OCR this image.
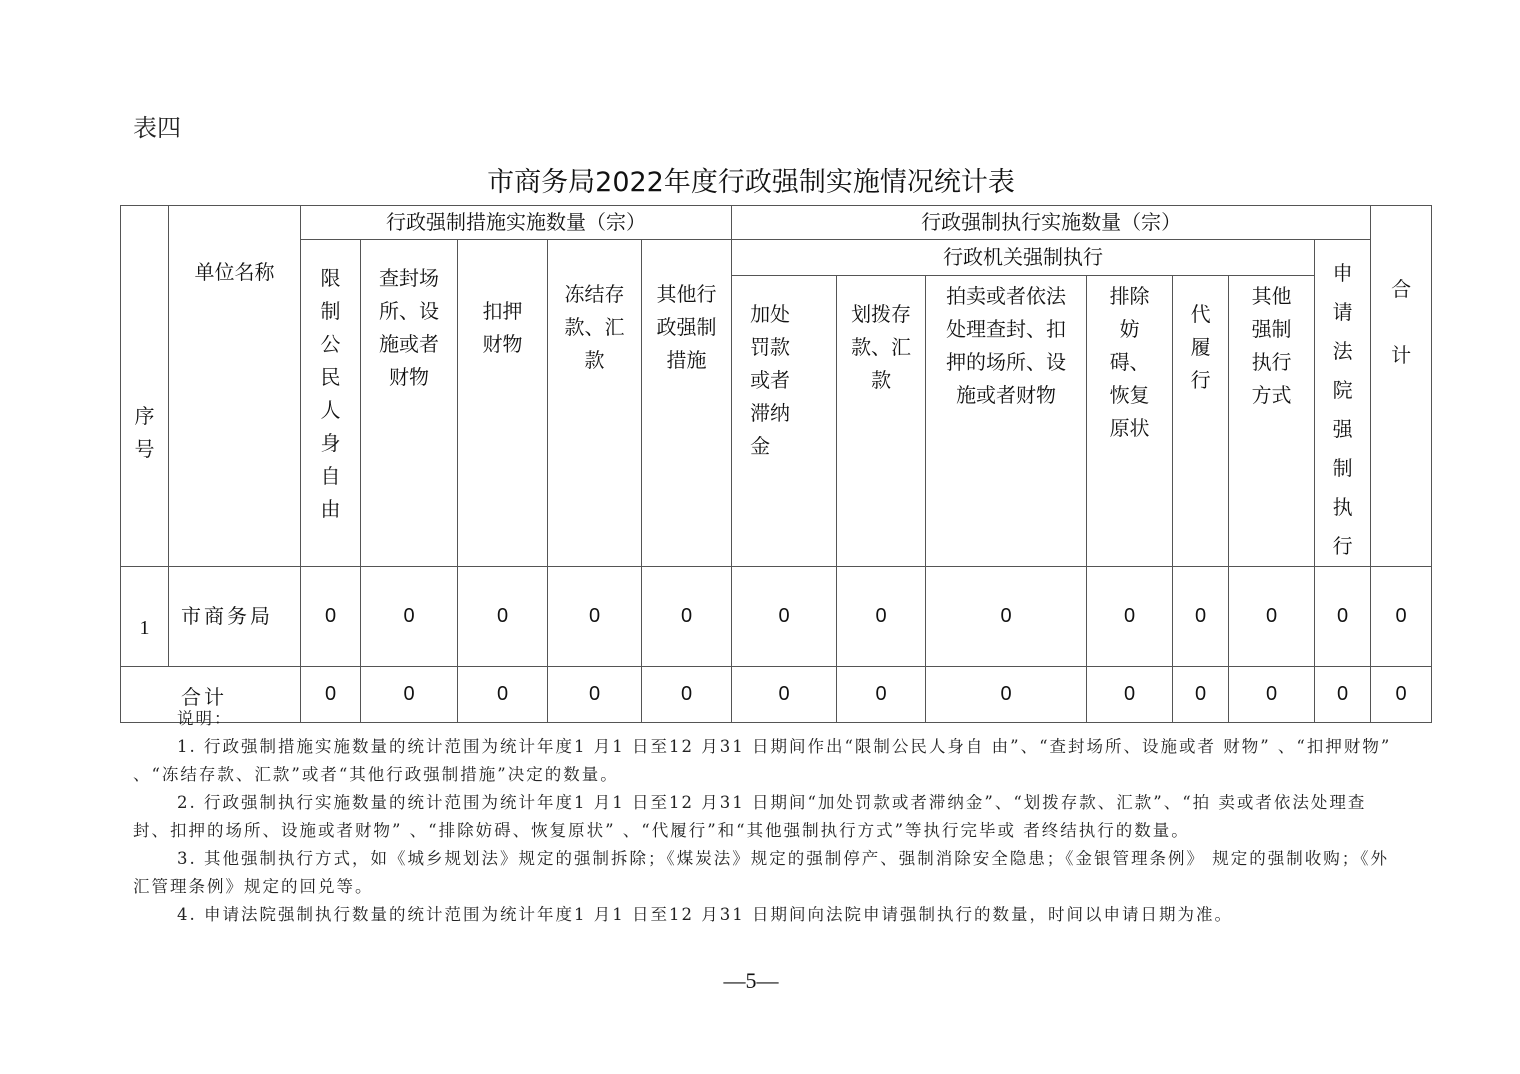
表四
市商务局2022年度行政强制实施情况统计表
序号	单位名称	行政强制措施实施数量（宗）					行政强制执行实施数量（宗）							合计
		限制公民人身自由	查封场所、设施或者财物	扣押财物	冻结存款、汇款	其他行政强制措施	行政机关强制执行						申请法院强制执行	
							加处罚款或者滞纳金	划拨存款、汇款	拍卖或者依法处理查封、扣押的场所、设施或者财物	排除妨碍、恢复原状	代履行	其他强制执行方式		
1	市商务局	0	0	0	0	0	0	0	0	0	0	0	0	0
合计		0	0	0	0	0	0	0	0	0	0	0	0	0

说明：

1. 行政强制措施实施数量的统计范围为统计年度1 月1 日至12 月31 日期间作出“限制公民人身自 由”、“查封场所、设施或者 财物” 、“扣押财物” 、“冻结存款、汇款”或者“其他行政强制措施”决定的数量。

2. 行政强制执行实施数量的统计范围为统计年度1 月1 日至12 月31 日期间“加处罚款或者滞纳金”、“划拨存款、汇款”、“拍 卖或者依法处理查封、扣押的场所、设施或者财物” 、“排除妨碍、恢复原状” 、“代履行”和“其他强制执行方式”等执行完毕或 者终结执行的数量。

3. 其他强制执行方式，如《城乡规划法》规定的强制拆除；《煤炭法》规定的强制停产、强制消除安全隐患；《金银管理条例》 规定的强制收购；《外汇管理条例》规定的回兑等。

4. 申请法院强制执行数量的统计范围为统计年度1 月1 日至12 月31 日期间向法院申请强制执行的数量，时间以申请日期为准。

—5—
